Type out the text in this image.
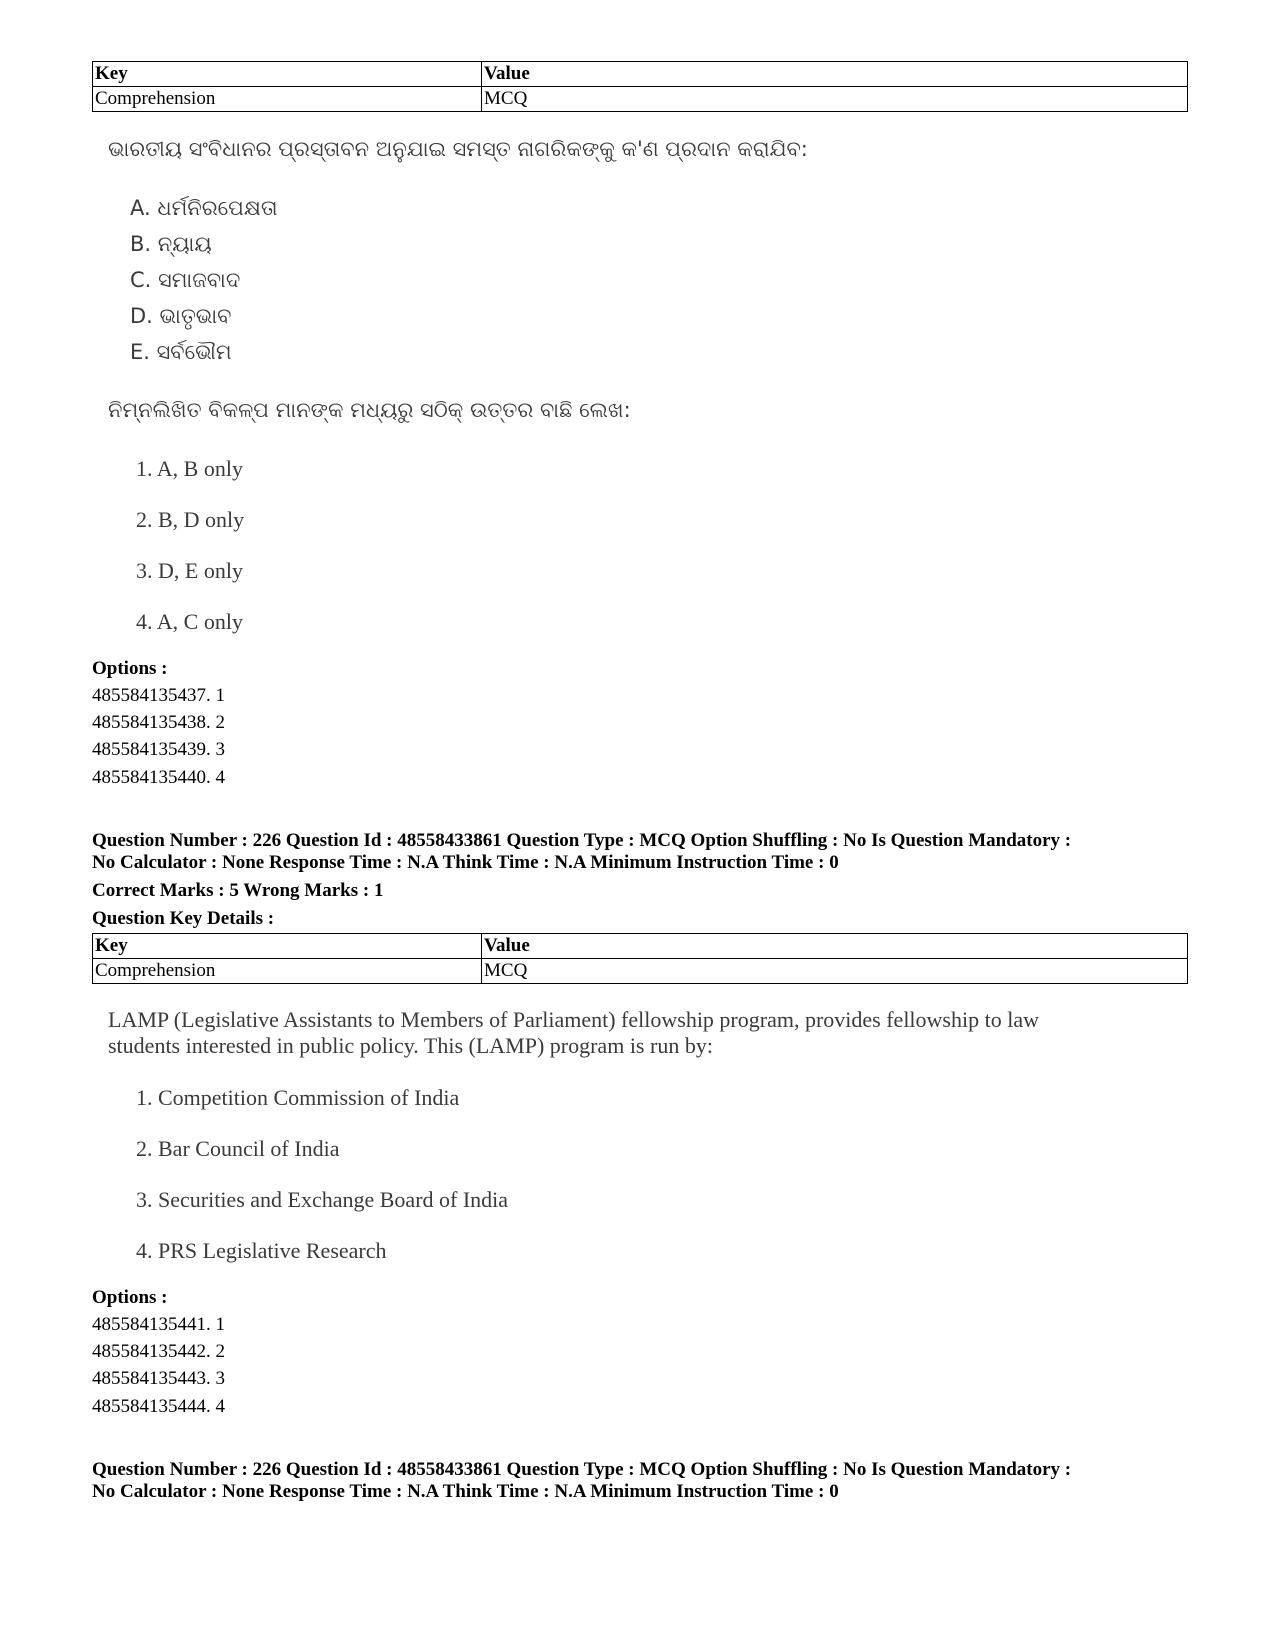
Key	Value
Comprehension	MCQ
ଭାରତୀୟ ସଂବିଧାନର ପ୍ରସ୍ତାବନ ଅନୁଯାଇ ସମସ୍ତ ନାଗରିକଙ୍କୁ କ'ଣ ପ୍ରଦାନ କରାଯିବ:
A. ଧର୍ମନିରପେକ୍ଷତା
B. ନ୍ୟାୟ
C. ସମାଜବାଦ
D. ଭାତୃଭାବ
E. ସର୍ବଭୌମ
ନିମ୍ନଲିଖିତ ବିକଳ୍ପ ମାନଙ୍କ ମଧ୍ୟରୁ ସଠିକ୍ ଉତ୍ତର ବାଛି ଲେଖ:
1. A, B only
2. B, D only
3. D, E only
4. A, C only
Options :
485584135437. 1
485584135438. 2
485584135439. 3
485584135440. 4
Question Number : 226 Question Id : 48558433861 Question Type : MCQ Option Shuffling : No Is Question Mandatory :
No Calculator : None Response Time : N.A Think Time : N.A Minimum Instruction Time : 0
Correct Marks : 5 Wrong Marks : 1
Question Key Details :
Key	Value
Comprehension	MCQ
LAMP (Legislative Assistants to Members of Parliament) fellowship program, provides fellowship to law
students interested in public policy. This (LAMP) program is run by:
1. Competition Commission of India
2. Bar Council of India
3. Securities and Exchange Board of India
4. PRS Legislative Research
Options :
485584135441. 1
485584135442. 2
485584135443. 3
485584135444. 4
Question Number : 226 Question Id : 48558433861 Question Type : MCQ Option Shuffling : No Is Question Mandatory :
No Calculator : None Response Time : N.A Think Time : N.A Minimum Instruction Time : 0
